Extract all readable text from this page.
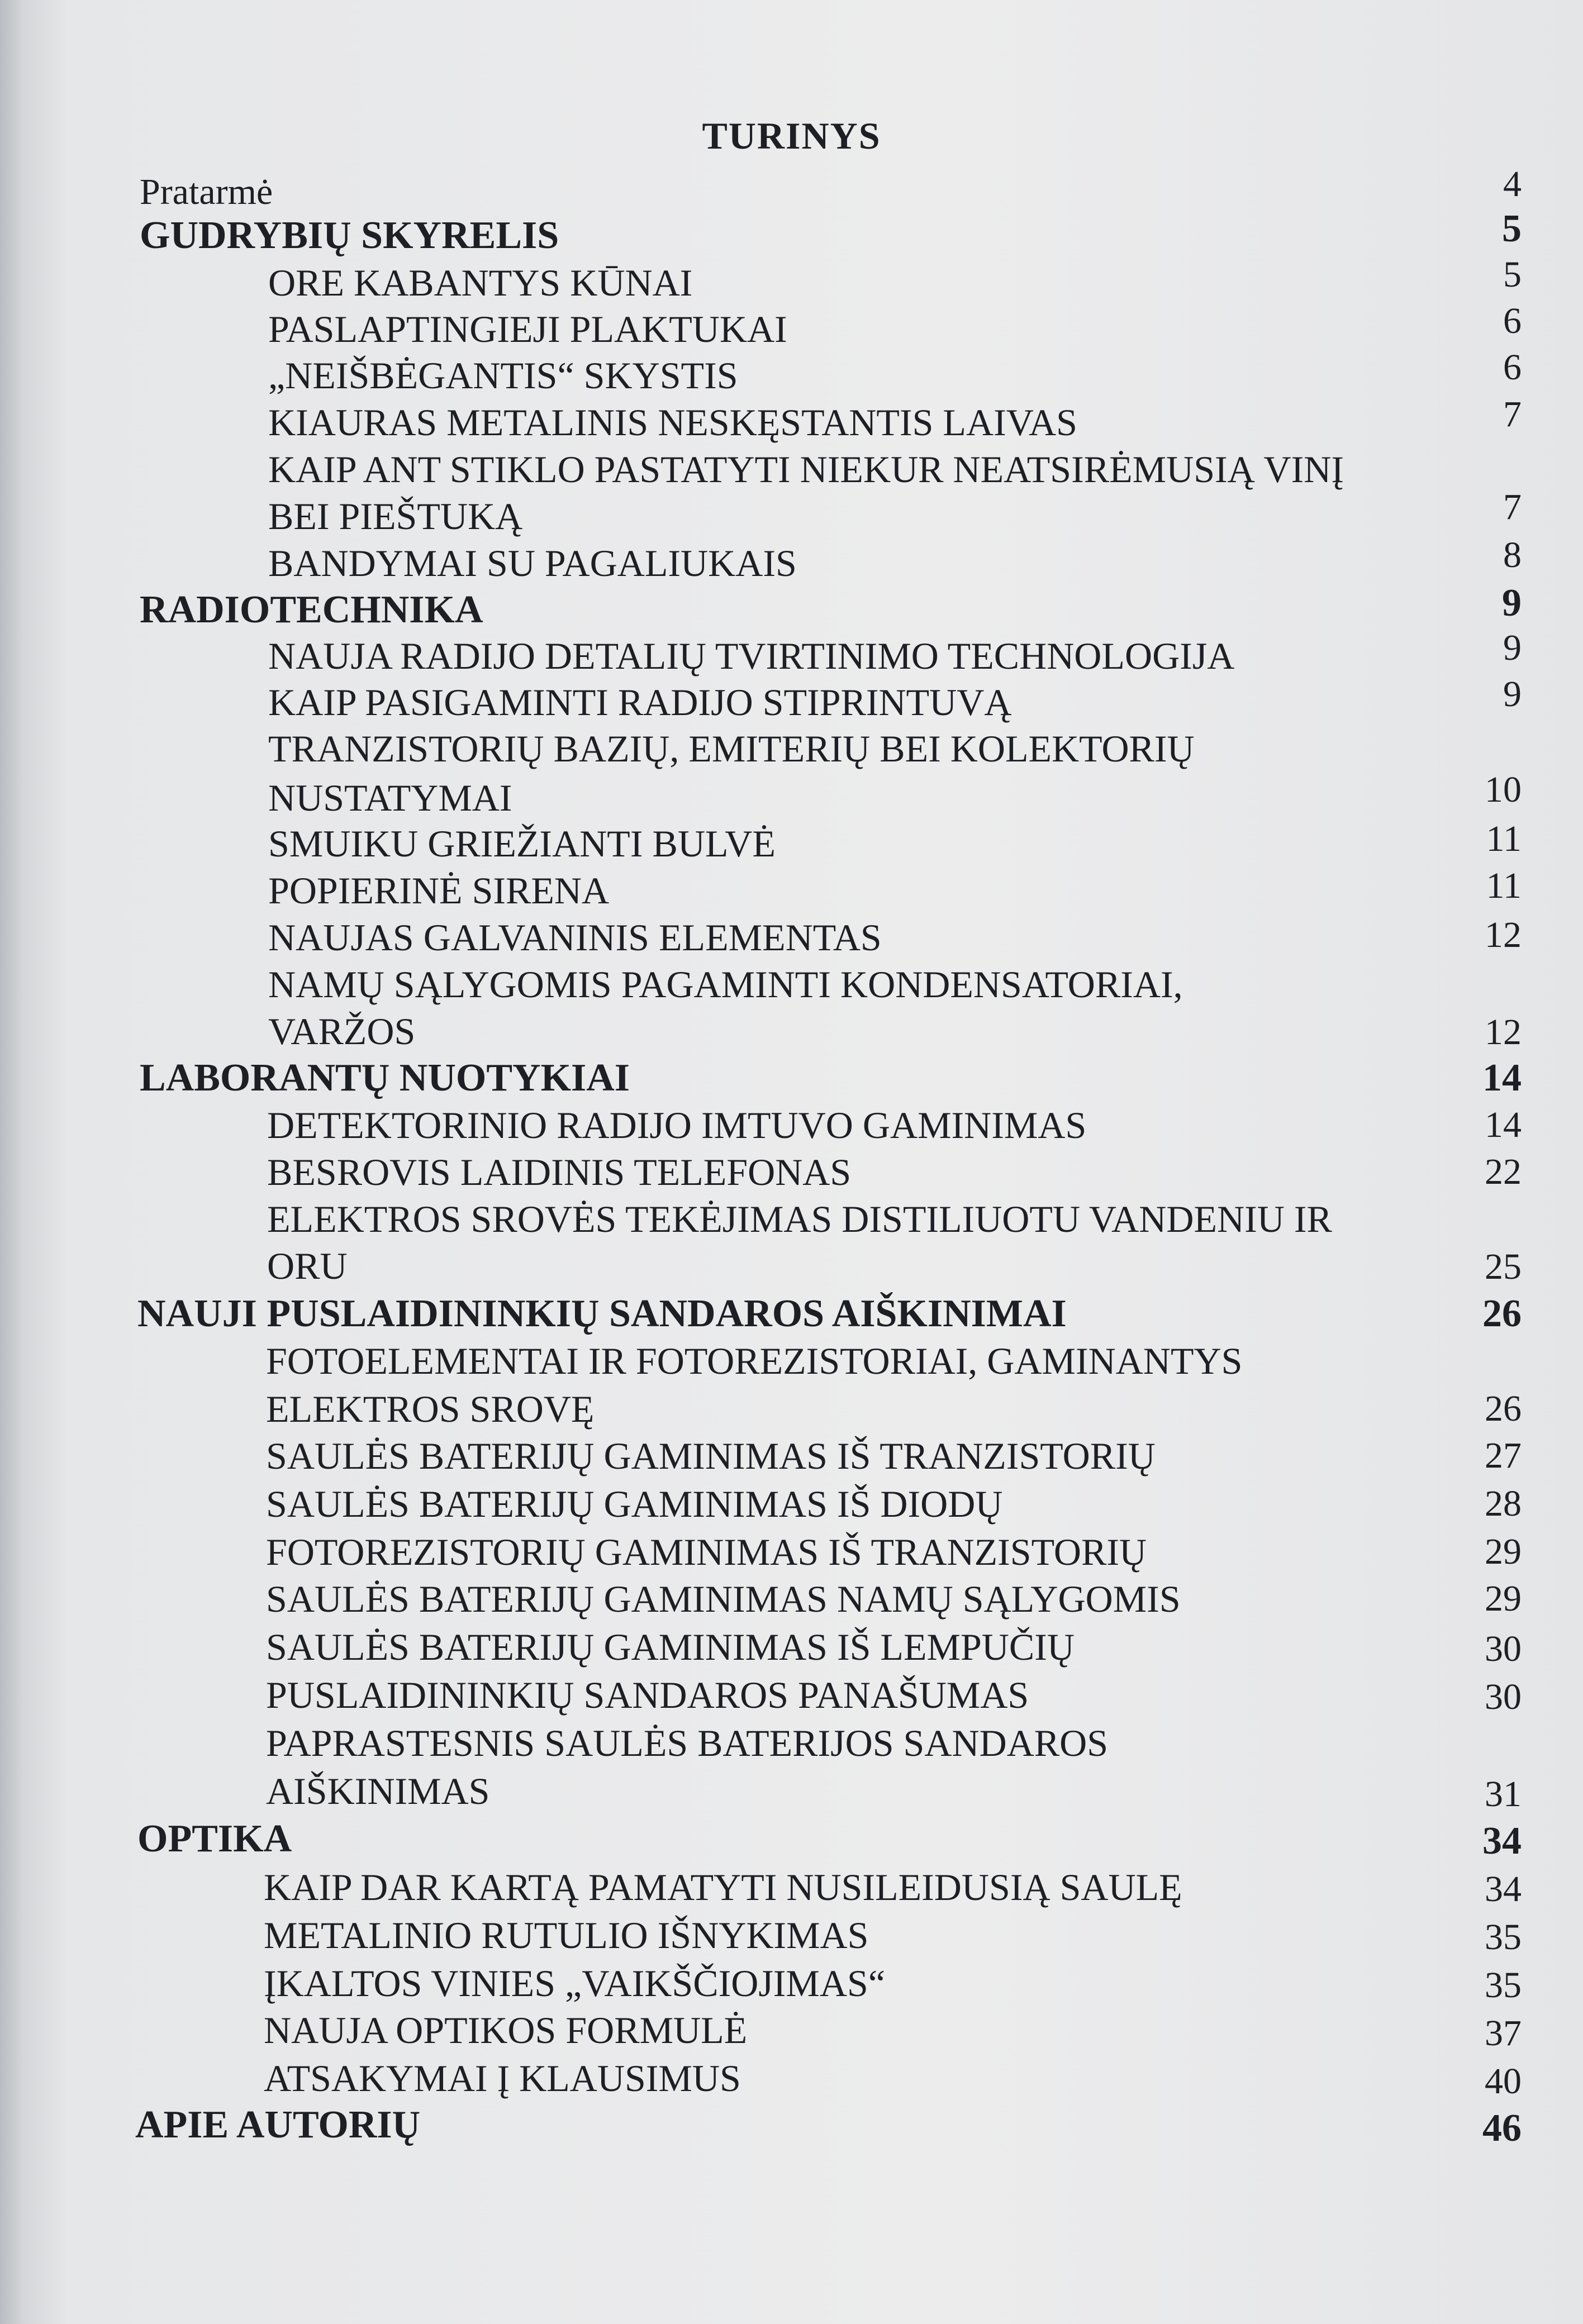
TURINYS
Pratarmė	4
GUDRYBIŲ SKYRELIS	5
ORE KABANTYS KŪNAI	5
PASLAPTINGIEJI PLAKTUKAI	6
„NEIŠBĖGANTIS“ SKYSTIS	6
KIAURAS METALINIS NESKĘSTANTIS LAIVAS	7
KAIP ANT STIKLO PASTATYTI NIEKUR NEATSIRĖMUSIĄ VINĮ
BEI PIEŠTUKĄ	7
BANDYMAI SU PAGALIUKAIS	8
RADIOTECHNIKA	9
NAUJA RADIJO DETALIŲ TVIRTINIMO TECHNOLOGIJA	9
KAIP PASIGAMINTI RADIJO STIPRINTUVĄ	9
TRANZISTORIŲ BAZIŲ, EMITERIŲ BEI KOLEKTORIŲ
NUSTATYMAI	10
SMUIKU GRIEŽIANTI BULVĖ	11
POPIERINĖ SIRENA	11
NAUJAS GALVANINIS ELEMENTAS	12
NAMŲ SĄLYGOMIS PAGAMINTI KONDENSATORIAI,
VARŽOS	12
LABORANTŲ NUOTYKIAI	14
DETEKTORINIO RADIJO IMTUVO GAMINIMAS	14
BESROVIS LAIDINIS TELEFONAS	22
ELEKTROS SROVĖS TEKĖJIMAS DISTILIUOTU VANDENIU IR
ORU	25
NAUJI PUSLAIDININKIŲ SANDAROS AIŠKINIMAI	26
FOTOELEMENTAI IR FOTOREZISTORIAI, GAMINANTYS
ELEKTROS SROVĘ	26
SAULĖS BATERIJŲ GAMINIMAS IŠ TRANZISTORIŲ	27
SAULĖS BATERIJŲ GAMINIMAS IŠ DIODŲ	28
FOTOREZISTORIŲ GAMINIMAS IŠ TRANZISTORIŲ	29
SAULĖS BATERIJŲ GAMINIMAS NAMŲ SĄLYGOMIS	29
SAULĖS BATERIJŲ GAMINIMAS IŠ LEMPUČIŲ	30
PUSLAIDININKIŲ SANDAROS PANAŠUMAS	30
PAPRASTESNIS SAULĖS BATERIJOS SANDAROS
AIŠKINIMAS	31
OPTIKA	34
KAIP DAR KARTĄ PAMATYTI NUSILEIDUSIĄ SAULĘ	34
METALINIO RUTULIO IŠNYKIMAS	35
ĮKALTOS VINIES „VAIKŠČIOJIMAS“	35
NAUJA OPTIKOS FORMULĖ	37
ATSAKYMAI Į KLAUSIMUS	40
APIE AUTORIŲ	46
